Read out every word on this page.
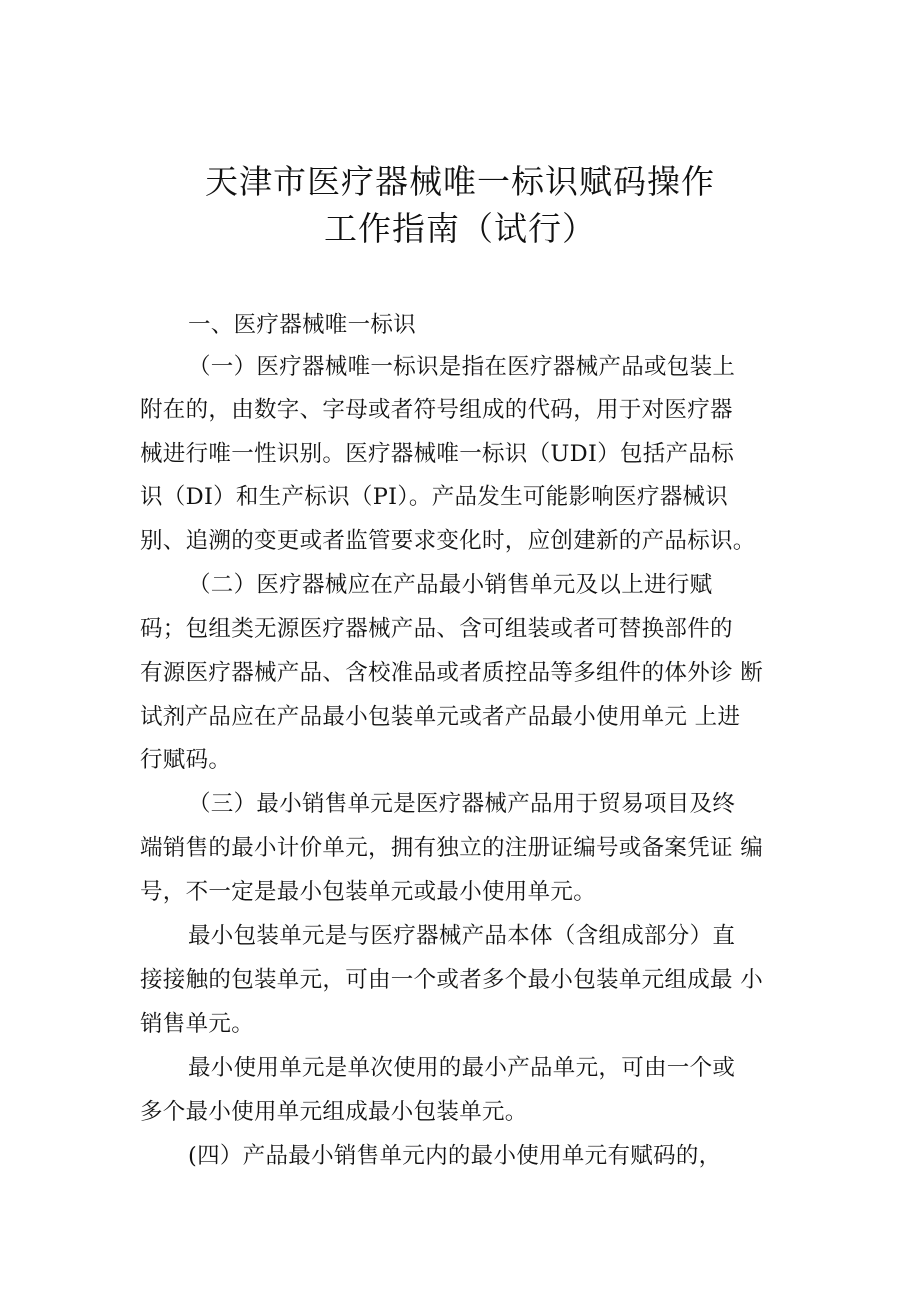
天津市医疗器械唯一标识赋码操作
工作指南（试行）
一、医疗器械唯一标识
（一）医疗器械唯一标识是指在医疗器械产品或包装上
附在的，由数字、字母或者符号组成的代码，用于对医疗器
械进行唯一性识别。医疗器械唯一标识（UDI）包括产品标
识（DI）和生产标识（PI）。产品发生可能影响医疗器械识
别、追溯的变更或者监管要求变化时，应创建新的产品标识。
（二）医疗器械应在产品最小销售单元及以上进行赋
码；包组类无源医疗器械产品、含可组装或者可替换部件的
有源医疗器械产品、含校准品或者质控品等多组件的体外诊 断
试剂产品应在产品最小包装单元或者产品最小使用单元 上进
行赋码。
（三）最小销售单元是医疗器械产品用于贸易项目及终
端销售的最小计价单元，拥有独立的注册证编号或备案凭证 编
号，不一定是最小包装单元或最小使用单元。
最小包装单元是与医疗器械产品本体（含组成部分）直
接接触的包装单元，可由一个或者多个最小包装单元组成最 小
销售单元。
最小使用单元是单次使用的最小产品单元，可由一个或
多个最小使用单元组成最小包装单元。
(四）产品最小销售单元内的最小使用单元有赋码的，
